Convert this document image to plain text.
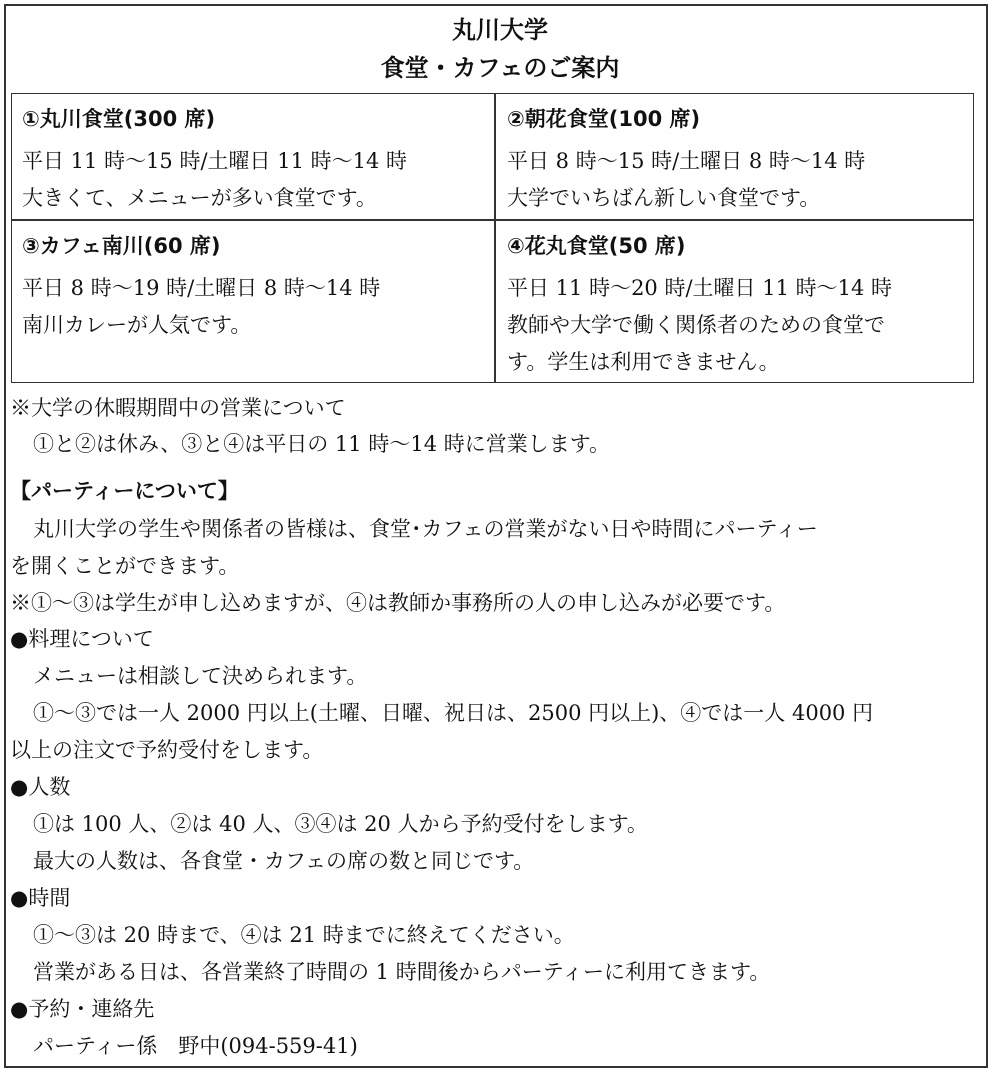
丸川大学
食堂・カフェのご案内
①丸川食堂(300 席)
平日 11 時～15 時/土曜日 11 時～14 時
大きくて、メニューが多い食堂です。
②朝花食堂(100 席)
平日 8 時～15 時/土曜日 8 時～14 時
大学でいちばん新しい食堂です。
③カフェ南川(60 席)
平日 8 時～19 時/土曜日 8 時～14 時
南川カレーが人気です。
④花丸食堂(50 席)
平日 11 時～20 時/土曜日 11 時～14 時
教師や大学で働く関係者のための食堂で
す。学生は利用できません。
※大学の休暇期間中の営業について
①と②は休み、③と④は平日の 11 時～14 時に営業します。
【パーティーについて】
丸川大学の学生や関係者の皆様は、食堂･カフェの営業がない日や時間にパーティー
を開くことができます。
※①～③は学生が申し込めますが、④は教師か事務所の人の申し込みが必要です。
●料理について
メニューは相談して決められます。
①～③では一人 2000 円以上(土曜、日曜、祝日は、2500 円以上)、④では一人 4000 円
以上の注文で予約受付をします。
●人数
①は 100 人、②は 40 人、③④は 20 人から予約受付をします。
最大の人数は、各食堂・カフェの席の数と同じです。
●時間
①～③は 20 時まで、④は 21 時までに終えてください。
営業がある日は、各営業終了時間の 1 時間後からパーティーに利用てきます。
●予約・連絡先
パーティー係　野中(094-559-41)
